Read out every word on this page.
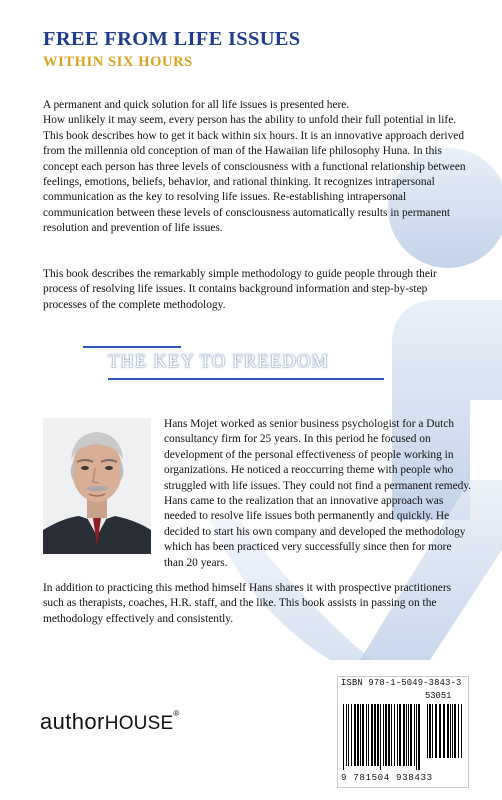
FREE FROM LIFE ISSUES
WITHIN SIX HOURS

A permanent and quick solution for all life issues is presented here.
How unlikely it may seem, every person has the ability to unfold their full potential in life. This book describes how to get it back within six hours. It is an innovative approach derived from the millennia old conception of man of the Hawaiian life philosophy Huna. In this concept each person has three levels of consciousness with a functional relationship between feelings, emotions, beliefs, behavior, and rational thinking. It recognizes intrapersonal communication as the key to resolving life issues. Re-establishing intrapersonal communication between these levels of consciousness automatically results in permanent resolution and prevention of life issues.

This book describes the remarkably simple methodology to guide people through their process of resolving life issues. It contains background information and step-by-step processes of the complete methodology.

THE KEY TO FREEDOM

Hans Mojet worked as senior business psychologist for a Dutch consultancy firm for 25 years. In this period he focused on development of the personal effectiveness of people working in organizations. He noticed a reoccurring theme with people who struggled with life issues. They could not find a permanent remedy. Hans came to the realization that an innovative approach was needed to resolve life issues both permanently and quickly. He decided to start his own company and developed the methodology which has been practiced very successfully since then for more than 20 years.

In addition to practicing this method himself Hans shares it with prospective practitioners such as therapists, coaches, H.R. staff, and the like. This book assists in passing on the methodology effectively and consistently.

authorHOUSE®
ISBN 978-1-5049-3843-3
53051
9 781504 938433
